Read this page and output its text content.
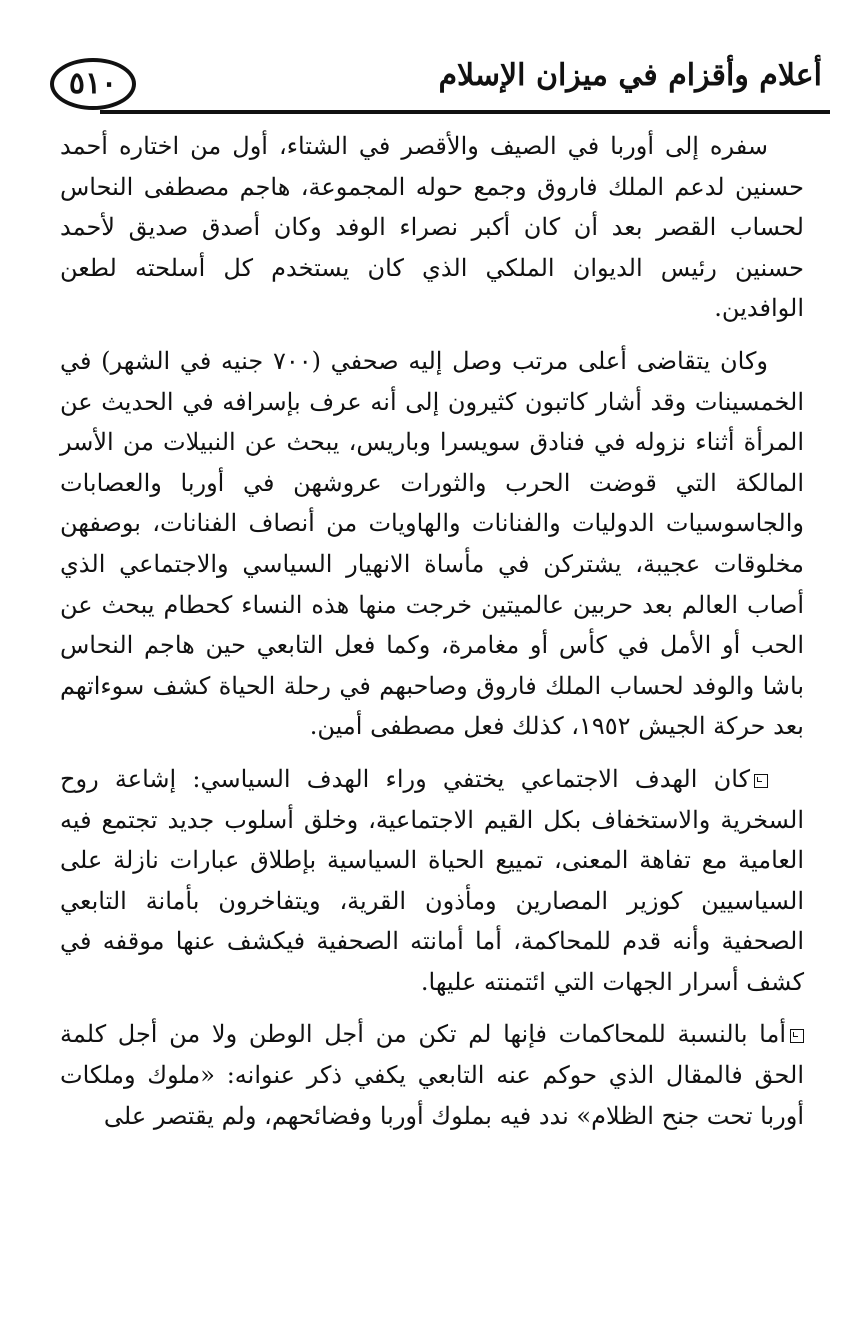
٥١٠	أعلام وأقزام في ميزان الإسلام

سفره إلى أوربا في الصيف والأقصر في الشتاء، أول من اختاره أحمد حسنين لدعم الملك فاروق وجمع حوله المجموعة، هاجم مصطفى النحاس لحساب القصر بعد أن كان أكبر نصراء الوفد وكان أصدق صديق لأحمد حسنين رئيس الديوان الملكي الذي كان يستخدم كل أسلحته لطعن الوافدين.

وكان يتقاضى أعلى مرتب وصل إليه صحفي (٧٠٠ جنيه في الشهر) في الخمسينات وقد أشار كاتبون كثيرون إلى أنه عرف بإسرافه في الحديث عن المرأة أثناء نزوله في فنادق سويسرا وباريس، يبحث عن النبيلات من الأسر المالكة التي قوضت الحرب والثورات عروشهن في أوربا والعصابات والجاسوسيات الدوليات والفنانات والهاويات من أنصاف الفنانات، بوصفهن مخلوقات عجيبة، يشتركن في مأساة الانهيار السياسي والاجتماعي الذي أصاب العالم بعد حربين عالميتين خرجت منها هذه النساء كحطام يبحث عن الحب أو الأمل في كأس أو مغامرة، وكما فعل التابعي حين هاجم النحاس باشا والوفد لحساب الملك فاروق وصاحبهم في رحلة الحياة كشف سوءاتهم بعد حركة الجيش ١٩٥٢، كذلك فعل مصطفى أمين.

كان الهدف الاجتماعي يختفي وراء الهدف السياسي: إشاعة روح السخرية والاستخفاف بكل القيم الاجتماعية، وخلق أسلوب جديد تجتمع فيه العامية مع تفاهة المعنى، تمييع الحياة السياسية بإطلاق عبارات نازلة على السياسيين كوزير المصارين ومأذون القرية، ويتفاخرون بأمانة التابعي الصحفية وأنه قدم للمحاكمة، أما أمانته الصحفية فيكشف عنها موقفه في كشف أسرار الجهات التي ائتمنته عليها.

أما بالنسبة للمحاكمات فإنها لم تكن من أجل الوطن ولا من أجل كلمة الحق فالمقال الذي حوكم عنه التابعي يكفي ذكر عنوانه: «ملوك وملكات أوربا تحت جنح الظلام» ندد فيه بملوك أوربا وفضائحهم، ولم يقتصر على
